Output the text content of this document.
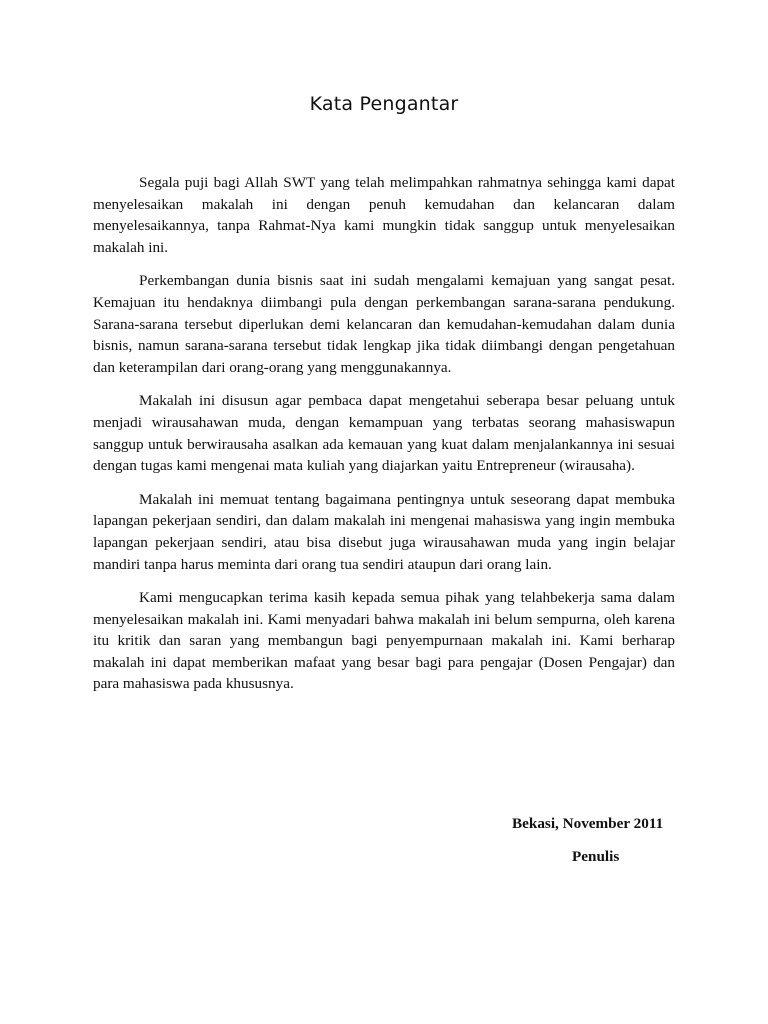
Kata Pengantar

Segala puji bagi Allah SWT yang telah melimpahkan rahmatnya sehingga kami dapat menyelesaikan makalah ini dengan penuh kemudahan dan kelancaran dalam menyelesaikannya, tanpa Rahmat-Nya kami mungkin tidak sanggup untuk menyelesaikan makalah ini.

Perkembangan dunia bisnis saat ini sudah mengalami kemajuan yang sangat pesat. Kemajuan itu hendaknya diimbangi pula dengan perkembangan sarana-sarana pendukung. Sarana-sarana tersebut diperlukan demi kelancaran dan kemudahan-kemudahan dalam dunia bisnis, namun sarana-sarana tersebut tidak lengkap jika tidak diimbangi dengan pengetahuan dan keterampilan dari orang-orang yang menggunakannya.

Makalah ini disusun agar pembaca dapat mengetahui seberapa besar peluang untuk menjadi wirausahawan muda, dengan kemampuan yang terbatas seorang mahasiswapun sanggup untuk berwirausaha asalkan ada kemauan yang kuat dalam menjalankannya ini sesuai dengan tugas kami mengenai mata kuliah yang diajarkan yaitu Entrepreneur (wirausaha).

Makalah ini memuat tentang bagaimana pentingnya untuk seseorang dapat membuka lapangan pekerjaan sendiri, dan dalam makalah ini mengenai mahasiswa yang ingin membuka lapangan pekerjaan sendiri, atau bisa disebut juga wirausahawan muda yang ingin belajar mandiri tanpa harus meminta dari orang tua sendiri ataupun dari orang lain.

Kami mengucapkan terima kasih kepada semua pihak yang telahbekerja sama dalam menyelesaikan makalah ini. Kami menyadari bahwa makalah ini belum sempurna, oleh karena itu kritik dan saran yang membangun bagi penyempurnaan makalah ini. Kami berharap makalah ini dapat memberikan mafaat yang besar bagi para pengajar (Dosen Pengajar) dan para mahasiswa pada khususnya.

Bekasi, November 2011
Penulis
